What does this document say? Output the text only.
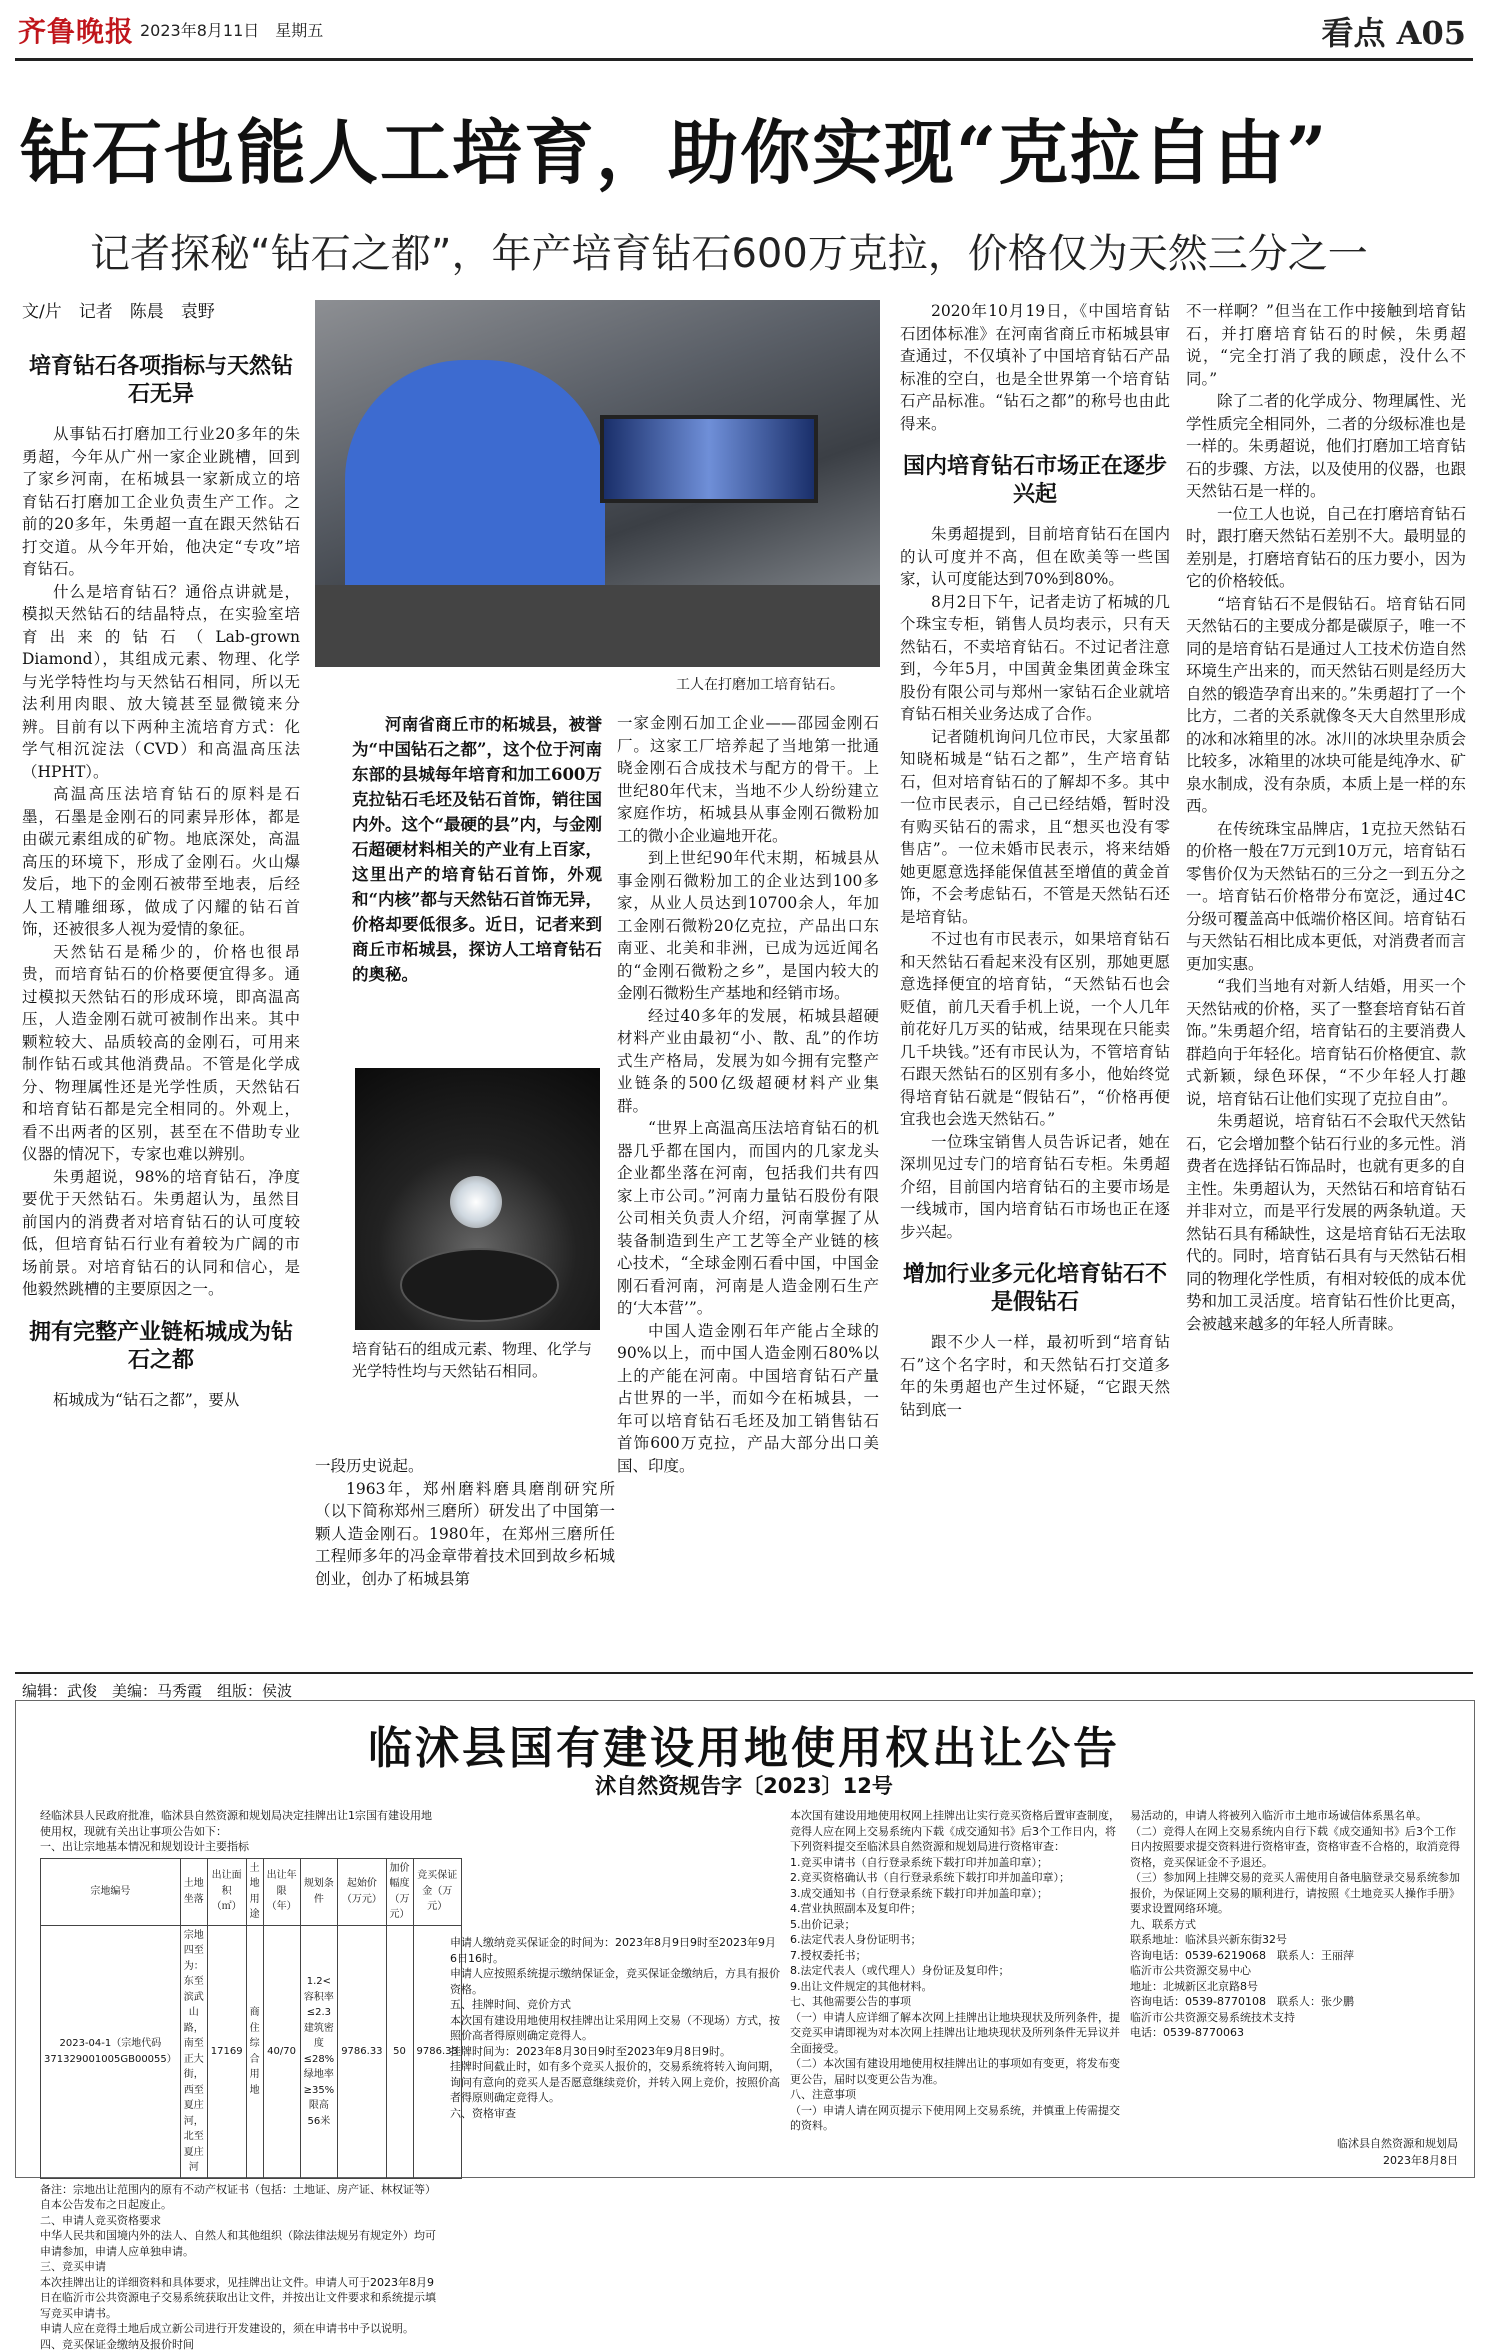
齐鲁晚报 2023年8月11日　星期五	看点 A05
钻石也能人工培育，助你实现“克拉自由”
记者探秘“钻石之都”，年产培育钻石600万克拉，价格仅为天然三分之一
文/片　记者　陈晨　袁野
培育钻石各项指标与天然钻石无异

从事钻石打磨加工行业20多年的朱勇超，今年从广州一家企业跳槽，回到了家乡河南，在柘城县一家新成立的培育钻石打磨加工企业负责生产工作。之前的20多年，朱勇超一直在跟天然钻石打交道。从今年开始，他决定“专攻”培育钻石。

什么是培育钻石？通俗点讲就是，模拟天然钻石的结晶特点，在实验室培育出来的钻石（Lab-grown Diamond），其组成元素、物理、化学与光学特性均与天然钻石相同，所以无法利用肉眼、放大镜甚至显微镜来分辨。目前有以下两种主流培育方式：化学气相沉淀法（CVD）和高温高压法（HPHT）。

高温高压法培育钻石的原料是石墨，石墨是金刚石的同素异形体，都是由碳元素组成的矿物。地底深处，高温高压的环境下，形成了金刚石。火山爆发后，地下的金刚石被带至地表，后经人工精雕细琢，做成了闪耀的钻石首饰，还被很多人视为爱情的象征。

天然钻石是稀少的，价格也很昂贵，而培育钻石的价格要便宜得多。通过模拟天然钻石的形成环境，即高温高压，人造金刚石就可被制作出来。其中颗粒较大、品质较高的金刚石，可用来制作钻石或其他消费品。不管是化学成分、物理属性还是光学性质，天然钻石和培育钻石都是完全相同的。外观上，看不出两者的区别，甚至在不借助专业仪器的情况下，专家也难以辨别。

朱勇超说，98%的培育钻石，净度要优于天然钻石。朱勇超认为，虽然目前国内的消费者对培育钻石的认可度较低，但培育钻石行业有着较为广阔的市场前景。对培育钻石的认同和信心，是他毅然跳槽的主要原因之一。

拥有完整产业链柘城成为钻石之都

柘城成为“钻石之都”，要从

工人在打磨加工培育钻石。

河南省商丘市的柘城县，被誉为“中国钻石之都”，这个位于河南东部的县城每年培育和加工600万克拉钻石毛坯及钻石首饰，销往国内外。这个“最硬的县”内，与金刚石超硬材料相关的产业有上百家，这里出产的培育钻石首饰，外观和“内核”都与天然钻石首饰无异，价格却要低很多。近日，记者来到商丘市柘城县，探访人工培育钻石的奥秘。

培育钻石的组成元素、物理、化学与光学特性均与天然钻石相同。

一段历史说起。

1963年，郑州磨料磨具磨削研究所（以下简称郑州三磨所）研发出了中国第一颗人造金刚石。1980年，在郑州三磨所任工程师多年的冯金章带着技术回到故乡柘城创业，创办了柘城县第

一家金刚石加工企业——邵园金刚石厂。这家工厂培养起了当地第一批通晓金刚石合成技术与配方的骨干。上世纪80年代末，当地不少人纷纷建立家庭作坊，柘城县从事金刚石微粉加工的微小企业遍地开花。

到上世纪90年代末期，柘城县从事金刚石微粉加工的企业达到100多家，从业人员达到10700余人，年加工金刚石微粉20亿克拉，产品出口东南亚、北美和非洲，已成为远近闻名的“金刚石微粉之乡”，是国内较大的金刚石微粉生产基地和经销市场。

经过40多年的发展，柘城县超硬材料产业由最初“小、散、乱”的作坊式生产格局，发展为如今拥有完整产业链条的500亿级超硬材料产业集群。

“世界上高温高压法培育钻石的机器几乎都在国内，而国内的几家龙头企业都坐落在河南，包括我们共有四家上市公司。”河南力量钻石股份有限公司相关负责人介绍，河南掌握了从装备制造到生产工艺等全产业链的核心技术，“全球金刚石看中国，中国金刚石看河南，河南是人造金刚石生产的‘大本营’”。

中国人造金刚石年产能占全球的90%以上，而中国人造金刚石80%以上的产能在河南。中国培育钻石产量占世界的一半，而如今在柘城县，一年可以培育钻石毛坯及加工销售钻石首饰600万克拉，产品大部分出口美国、印度。

2020年10月19日，《中国培育钻石团体标准》在河南省商丘市柘城县审查通过，不仅填补了中国培育钻石产品标准的空白，也是全世界第一个培育钻石产品标准。“钻石之都”的称号也由此得来。

国内培育钻石市场正在逐步兴起

朱勇超提到，目前培育钻石在国内的认可度并不高，但在欧美等一些国家，认可度能达到70%到80%。

8月2日下午，记者走访了柘城的几个珠宝专柜，销售人员均表示，只有天然钻石，不卖培育钻石。不过记者注意到，今年5月，中国黄金集团黄金珠宝股份有限公司与郑州一家钻石企业就培育钻石相关业务达成了合作。

记者随机询问几位市民，大家虽都知晓柘城是“钻石之都”，生产培育钻石，但对培育钻石的了解却不多。其中一位市民表示，自己已经结婚，暂时没有购买钻石的需求，且“想买也没有零售店”。一位未婚市民表示，将来结婚她更愿意选择能保值甚至增值的黄金首饰，不会考虑钻石，不管是天然钻石还是培育钻。

不过也有市民表示，如果培育钻石和天然钻石看起来没有区别，那她更愿意选择便宜的培育钻，“天然钻石也会贬值，前几天看手机上说，一个人几年前花好几万买的钻戒，结果现在只能卖几千块钱。”还有市民认为，不管培育钻石跟天然钻石的区别有多小，他始终觉得培育钻石就是“假钻石”，“价格再便宜我也会选天然钻石。”

一位珠宝销售人员告诉记者，她在深圳见过专门的培育钻石专柜。朱勇超介绍，目前国内培育钻石的主要市场是一线城市，国内培育钻石市场也正在逐步兴起。

增加行业多元化培育钻石不是假钻石

跟不少人一样，最初听到“培育钻石”这个名字时，和天然钻石打交道多年的朱勇超也产生过怀疑，“它跟天然钻到底一

不一样啊？”但当在工作中接触到培育钻石，并打磨培育钻石的时候，朱勇超说，“完全打消了我的顾虑，没什么不同。”

除了二者的化学成分、物理属性、光学性质完全相同外，二者的分级标准也是一样的。朱勇超说，他们打磨加工培育钻石的步骤、方法，以及使用的仪器，也跟天然钻石是一样的。

一位工人也说，自己在打磨培育钻石时，跟打磨天然钻石差别不大。最明显的差别是，打磨培育钻石的压力要小，因为它的价格较低。

“培育钻石不是假钻石。培育钻石同天然钻石的主要成分都是碳原子，唯一不同的是培育钻石是通过人工技术仿造自然环境生产出来的，而天然钻石则是经历大自然的锻造孕育出来的。”朱勇超打了一个比方，二者的关系就像冬天大自然里形成的冰和冰箱里的冰。冰川的冰块里杂质会比较多，冰箱里的冰块可能是纯净水、矿泉水制成，没有杂质，本质上是一样的东西。

在传统珠宝品牌店，1克拉天然钻石的价格一般在7万元到10万元，培育钻石零售价仅为天然钻石的三分之一到五分之一。培育钻石价格带分布宽泛，通过4C分级可覆盖高中低端价格区间。培育钻石与天然钻石相比成本更低，对消费者而言更加实惠。

“我们当地有对新人结婚，用买一个天然钻戒的价格，买了一整套培育钻石首饰。”朱勇超介绍，培育钻石的主要消费人群趋向于年轻化。培育钻石价格便宜、款式新颖，绿色环保，“不少年轻人打趣说，培育钻石让他们实现了克拉自由”。

朱勇超说，培育钻石不会取代天然钻石，它会增加整个钻石行业的多元性。消费者在选择钻石饰品时，也就有更多的自主性。朱勇超认为，天然钻石和培育钻石并非对立，而是平行发展的两条轨道。天然钻石具有稀缺性，这是培育钻石无法取代的。同时，培育钻石具有与天然钻石相同的物理化学性质，有相对较低的成本优势和加工灵活度。培育钻石性价比更高，会被越来越多的年轻人所青睐。

编辑：武俊　美编：马秀霞　组版：侯波
临沭县国有建设用地使用权出让公告
沭自然资规告字〔2023〕12号

经临沭县人民政府批准，临沭县自然资源和规划局决定挂牌出让1宗国有建设用地使用权，现就有关出让事项公告如下：

一、出让宗地基本情况和规划设计主要指标

宗地编号	土地坐落	出让面积（㎡）	土地用途	出让年限（年）	规划条件	起始价（万元）	加价幅度（万元）	竞买保证金（万元）
2023-04-1（宗地代码371329001005GB00055）	宗地四至为：东至滨武山路，南至正大街，西至夏庄河，北至夏庄河	17169	商住综合用地	40/70	1.2<容积率≤2.3 建筑密度≤28% 绿地率≥35% 限高56米	9786.33	50	9786.33

备注：宗地出让范围内的原有不动产权证书（包括：土地证、房产证、林权证等）自本公告发布之日起废止。

二、申请人竞买资格要求

中华人民共和国境内外的法人、自然人和其他组织（除法律法规另有规定外）均可申请参加，申请人应单独申请。

三、竞买申请

本次挂牌出让的详细资料和具体要求，见挂牌出让文件。申请人可于2023年8月9日在临沂市公共资源电子交易系统获取出让文件，并按出让文件要求和系统提示填写竞买申请书。

申请人应在竞得土地后成立新公司进行开发建设的，须在申请书中予以说明。

四、竞买保证金缴纳及报价时间

申请人缴纳竞买保证金的时间为：2023年8月9日9时至2023年9月6日16时。

申请人应按照系统提示缴纳保证金，竞买保证金缴纳后，方具有报价资格。

五、挂牌时间、竞价方式

本次国有建设用地使用权挂牌出让采用网上交易（不现场）方式，按照价高者得原则确定竞得人。

挂牌时间为：2023年8月30日9时至2023年9月8日9时。

挂牌时间截止时，如有多个竞买人报价的，交易系统将转入询问期，询问有意向的竞买人是否愿意继续竞价，并转入网上竞价，按照价高者得原则确定竞得人。

六、资格审查

本次国有建设用地使用权网上挂牌出让实行竞买资格后置审查制度，竞得人应在网上交易系统内下载《成交通知书》后3个工作日内，将下列资料提交至临沭县自然资源和规划局进行资格审查：

1.竞买申请书（自行登录系统下载打印并加盖印章）；

2.竞买资格确认书（自行登录系统下载打印并加盖印章）；

3.成交通知书（自行登录系统下载打印并加盖印章）；

4.营业执照副本及复印件；

5.出价记录；

6.法定代表人身份证明书；

7.授权委托书；

8.法定代表人（或代理人）身份证及复印件；

9.出让文件规定的其他材料。

七、其他需要公告的事项

（一）申请人应详细了解本次网上挂牌出让地块现状及所列条件，提交竞买申请即视为对本次网上挂牌出让地块现状及所列条件无异议并全面接受。

（二）本次国有建设用地使用权挂牌出让的事项如有变更，将发布变更公告，届时以变更公告为准。

八、注意事项

（一）申请人请在网页提示下使用网上交易系统，并慎重上传需提交的资料。

易活动的，申请人将被列入临沂市土地市场诚信体系黑名单。

（二）竞得人在网上交易系统内自行下载《成交通知书》后3个工作日内按照要求提交资料进行资格审查，资格审查不合格的，取消竞得资格，竞买保证金不予退还。

（三）参加网上挂牌交易的竞买人需使用自备电脑登录交易系统参加报价，为保证网上交易的顺利进行，请按照《土地竞买人操作手册》要求设置网络环境。

九、联系方式

联系地址：临沭县兴新东街32号

咨询电话：0539-6219068　联系人：王丽萍

临沂市公共资源交易中心

地址：北城新区北京路8号

咨询电话：0539-8770108　联系人：张少鹏

临沂市公共资源交易系统技术支持

电话：0539-8770063

临沭县自然资源和规划局
2023年8月8日
